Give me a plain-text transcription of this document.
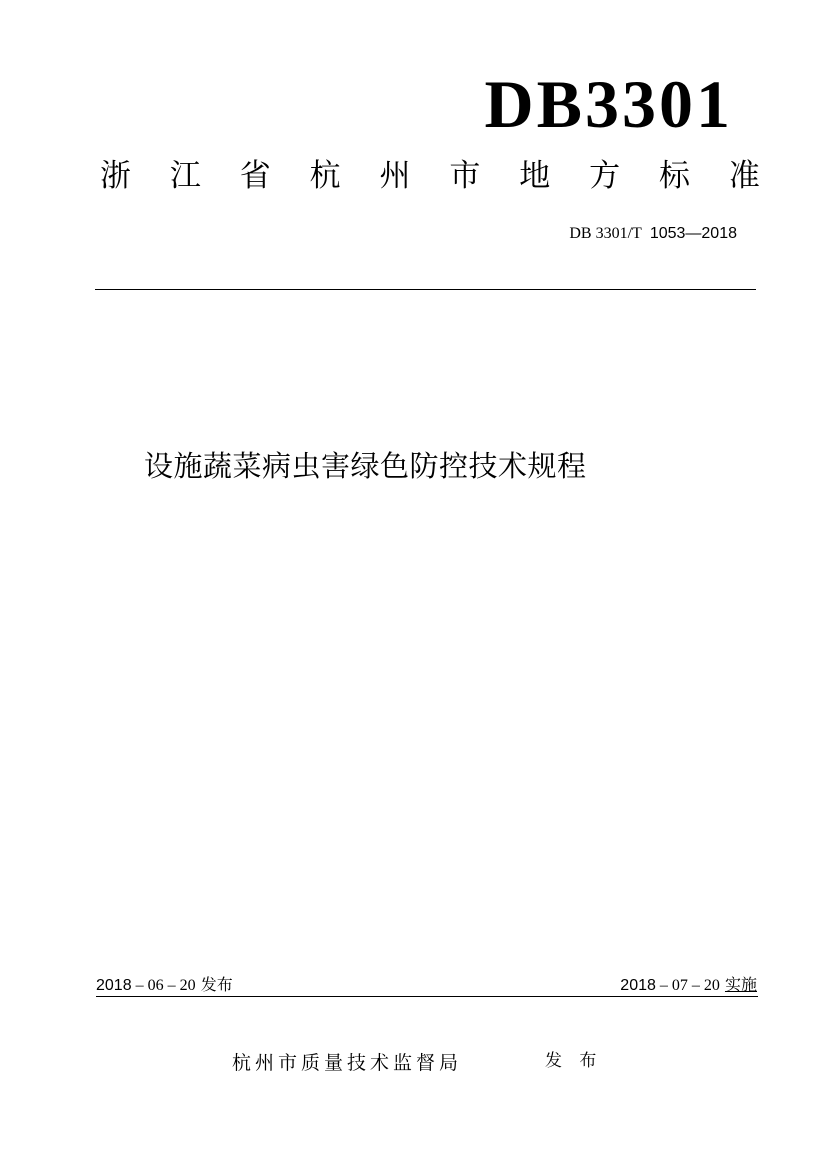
DB3301
浙 江 省 杭 州 市 地 方 标 准
DB 3301/T 1053—2018
设施蔬菜病虫害绿色防控技术规程
2018 – 06 – 20 发布	2018 – 07 – 20 实施
杭州市质量技术监督局	发 布
